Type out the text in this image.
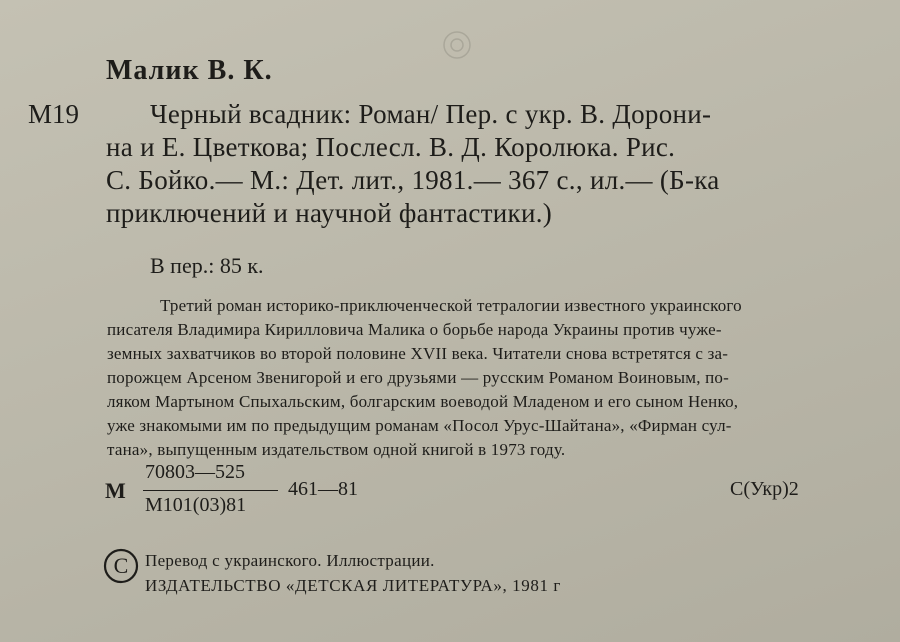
Малик В. К.
М19	Черный всадник: Роман/ Пер. с укр. В. Дорони-
на и Е. Цветкова; Послесл. В. Д. Королюка. Рис.
С. Бойко.— М.: Дет. лит., 1981.— 367 с., ил.— (Б-ка
приключений и научной фантастики.)
В пер.: 85 к.
Третий роман историко-приключенческой тетралогии известного украинского
писателя Владимира Кирилловича Малика о борьбе народа Украины против чуже-
земных захватчиков во второй половине XVII века. Читатели снова встретятся с за-
порожцем Арсеном Звенигорой и его друзьями — русским Романом Воиновым, по-
ляком Мартыном Спыхальским, болгарским воеводой Младеном и его сыном Ненко,
уже знакомыми им по предыдущим романам «Посол Урус-Шайтана», «Фирман сул-
тана», выпущенным издательством одной книгой в 1973 году.
М
70803—525
М101(03)81
461—81	С(Укр)2
C Перевод с украинского. Иллюстрации.
ИЗДАТЕЛЬСТВО «ДЕТСКАЯ ЛИТЕРАТУРА», 1981 г
